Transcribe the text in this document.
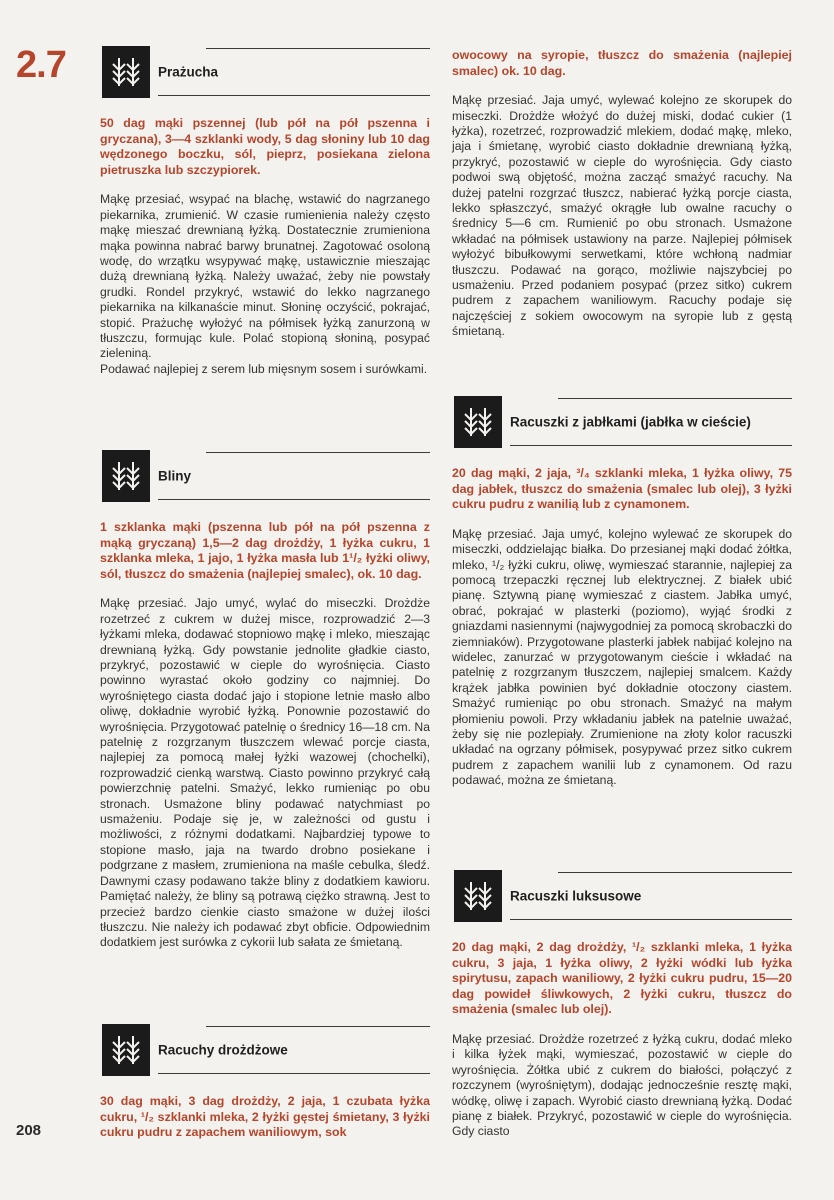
2.7
208
Prażucha

50 dag mąki pszennej (lub pół na pół pszenna i gryczana), 3—4 szklanki wody, 5 dag słoniny lub 10 dag wędzonego boczku, sól, pieprz, posiekana zielona pietruszka lub szczypiorek.

Mąkę przesiać, wsypać na blachę, wstawić do nagrzanego piekarnika, zrumienić. W czasie rumienienia należy często mąkę mieszać drewnianą łyżką. Dostatecznie zrumieniona mąka powinna nabrać barwy brunatnej. Zagotować osoloną wodę, do wrzątku wsypywać mąkę, ustawicznie mieszając dużą drewnianą łyżką. Należy uważać, żeby nie powstały grudki. Rondel przykryć, wstawić do lekko nagrzanego piekarnika na kilkanaście minut. Słoninę oczyścić, pokrajać, stopić. Prażuchę wyłożyć na półmisek łyżką zanurzoną w tłuszczu, formując kule. Polać stopioną słoniną, posypać zieleniną.
Podawać najlepiej z serem lub mięsnym sosem i surówkami.

Bliny

1 szklanka mąki (pszenna lub pół na pół pszenna z mąką gryczaną) 1,5—2 dag drożdży, 1 łyżka cukru, 1 szklanka mleka, 1 jajo, 1 łyżka masła lub 1¹/₂ łyżki oliwy, sól, tłuszcz do smażenia (najlepiej smalec), ok. 10 dag.

Mąkę przesiać. Jajo umyć, wylać do miseczki. Drożdże rozetrzeć z cukrem w dużej misce, rozprowadzić 2—3 łyżkami mleka, dodawać stopniowo mąkę i mleko, mieszając drewnianą łyżką. Gdy powstanie jednolite gładkie ciasto, przykryć, pozostawić w cieple do wyrośnięcia. Ciasto powinno wyrastać około godziny co najmniej. Do wyrośniętego ciasta dodać jajo i stopione letnie masło albo oliwę, dokładnie wyrobić łyżką. Ponownie pozostawić do wyrośnięcia. Przygotować patelnię o średnicy 16—18 cm. Na patelnię z rozgrzanym tłuszczem wlewać porcje ciasta, najlepiej za pomocą małej łyżki wazowej (chochelki), rozprowadzić cienką warstwą. Ciasto powinno przykryć całą powierzchnię patelni. Smażyć, lekko rumieniąc po obu stronach. Usmażone bliny podawać natychmiast po usmażeniu. Podaje się je, w zależności od gustu i możliwości, z różnymi dodatkami. Najbardziej typowe to stopione masło, jaja na twardo drobno posiekane i podgrzane z masłem, zrumieniona na maśle cebulka, śledź. Dawnymi czasy podawano także bliny z dodatkiem kawioru. Pamiętać należy, że bliny są potrawą ciężko strawną. Jest to przecież bardzo cienkie ciasto smażone w dużej ilości tłuszczu. Nie należy ich podawać zbyt obficie. Odpowiednim dodatkiem jest surówka z cykorii lub sałata ze śmietaną.

Racuchy drożdżowe

30 dag mąki, 3 dag drożdży, 2 jaja, 1 czubata łyżka cukru, ¹/₂ szklanki mleka, 2 łyżki gęstej śmietany, 3 łyżki cukru pudru z zapachem waniliowym, sok

owocowy na syropie, tłuszcz do smażenia (najlepiej smalec) ok. 10 dag.

Mąkę przesiać. Jaja umyć, wylewać kolejno ze skorupek do miseczki. Drożdże włożyć do dużej miski, dodać cukier (1 łyżka), rozetrzeć, rozprowadzić mlekiem, dodać mąkę, mleko, jaja i śmietanę, wyrobić ciasto dokładnie drewnianą łyżką, przykryć, pozostawić w cieple do wyrośnięcia. Gdy ciasto podwoi swą objętość, można zacząć smażyć racuchy. Na dużej patelni rozgrzać tłuszcz, nabierać łyżką porcje ciasta, lekko spłaszczyć, smażyć okrągłe lub owalne racuchy o średnicy 5—6 cm. Rumienić po obu stronach. Usmażone wkładać na półmisek ustawiony na parze. Najlepiej półmisek wyłożyć bibułkowymi serwetkami, które wchłoną nadmiar tłuszczu. Podawać na gorąco, możliwie najszybciej po usmażeniu. Przed podaniem posypać (przez sitko) cukrem pudrem z zapachem waniliowym. Racuchy podaje się najczęściej z sokiem owocowym na syropie lub z gęstą śmietaną.

Racuszki z jabłkami (jabłka w cieście)

20 dag mąki, 2 jaja, ³/₄ szklanki mleka, 1 łyżka oliwy, 75 dag jabłek, tłuszcz do smażenia (smalec lub olej), 3 łyżki cukru pudru z wanilią lub z cynamonem.

Mąkę przesiać. Jaja umyć, kolejno wylewać ze skorupek do miseczki, oddzielając białka. Do przesianej mąki dodać żółtka, mleko, ¹/₂ łyżki cukru, oliwę, wymieszać starannie, najlepiej za pomocą trzepaczki ręcznej lub elektrycznej. Z białek ubić pianę. Sztywną pianę wymieszać z ciastem. Jabłka umyć, obrać, pokrajać w plasterki (poziomo), wyjąć środki z gniazdami nasiennymi (najwygodniej za pomocą skrobaczki do ziemniaków). Przygotowane plasterki jabłek nabijać kolejno na widelec, zanurzać w przygotowanym cieście i wkładać na patelnię z rozgrzanym tłuszczem, najlepiej smalcem. Każdy krążek jabłka powinien być dokładnie otoczony ciastem. Smażyć rumieniąc po obu stronach. Smażyć na małym płomieniu powoli. Przy wkładaniu jabłek na patelnie uważać, żeby się nie pozlepiały. Zrumienione na złoty kolor racuszki układać na ogrzany półmisek, posypywać przez sitko cukrem pudrem z zapachem wanilii lub z cynamonem. Od razu podawać, można ze śmietaną.

Racuszki luksusowe

20 dag mąki, 2 dag drożdży, ¹/₂ szklanki mleka, 1 łyżka cukru, 3 jaja, 1 łyżka oliwy, 2 łyżki wódki lub łyżka spirytusu, zapach waniliowy, 2 łyżki cukru pudru, 15—20 dag powideł śliwkowych, 2 łyżki cukru, tłuszcz do smażenia (smalec lub olej).

Mąkę przesiać. Drożdże rozetrzeć z łyżką cukru, dodać mleko i kilka łyżek mąki, wymieszać, pozostawić w cieple do wyrośnięcia. Żółtka ubić z cukrem do białości, połączyć z rozczynem (wyrośniętym), dodając jednocześnie resztę mąki, wódkę, oliwę i zapach. Wyrobić ciasto drewnianą łyżką. Dodać pianę z białek. Przykryć, pozostawić w cieple do wyrośnięcia. Gdy ciasto
